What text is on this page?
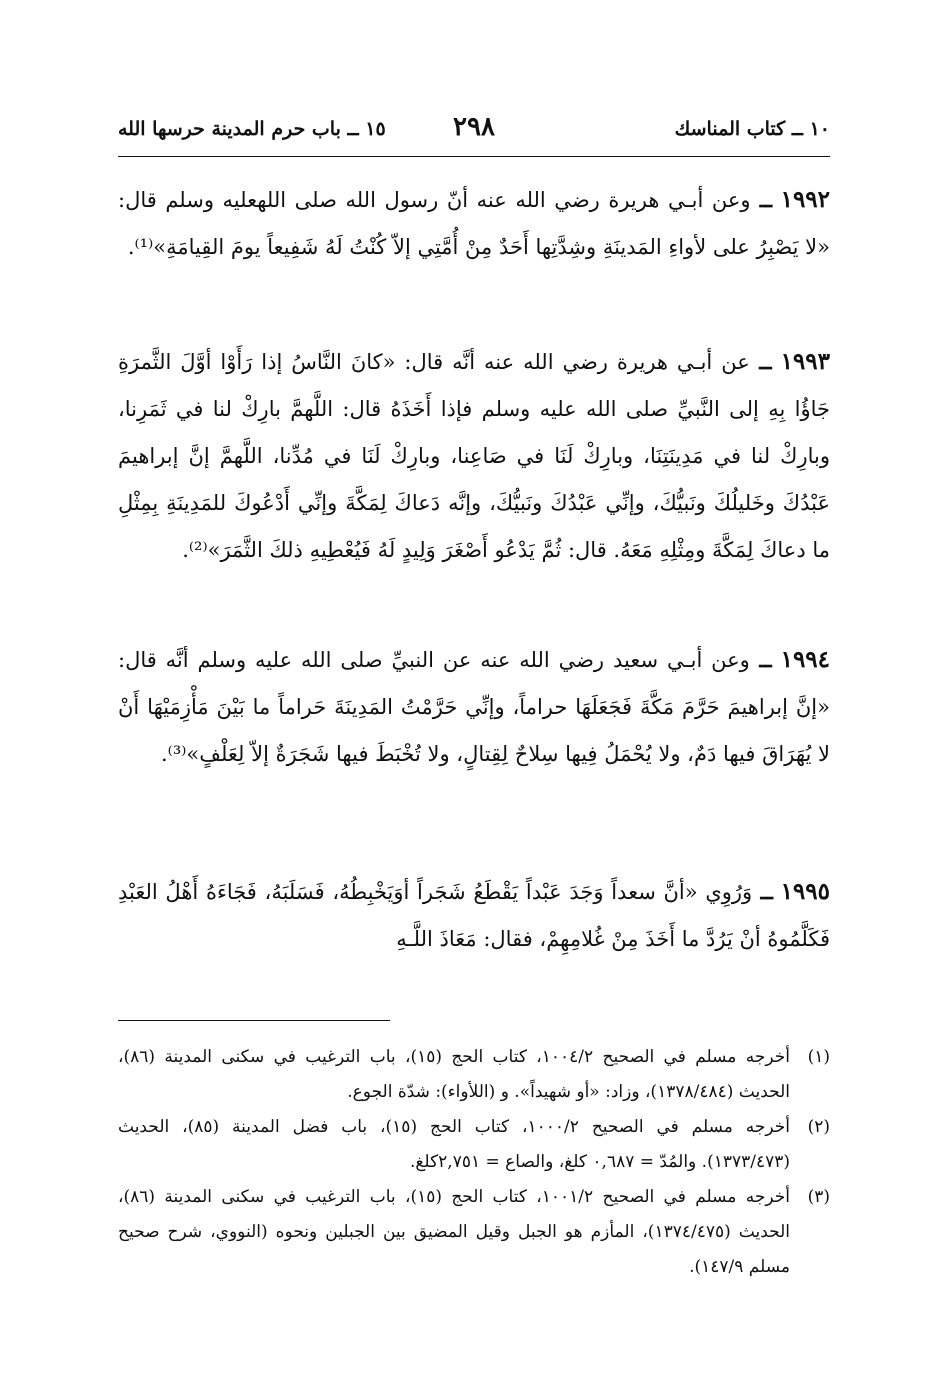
١٠ ــ كتاب المناسك
٢٩٨
١٥ ــ باب حرم المدينة حرسها الله
١٩٩٢ ــ وعن أبـي هريرة رضي الله عنه أنّ رسول الله صلى اللهعليه وسلم قال: «لا يَصْبِرُ على لأواءِ المَدينَةِ وشِدَّتِها أَحَدٌ مِنْ أُمَّتِي إلاّ كُنْتُ لَهُ شَفِيعاً يومَ القِيامَةِ»⁽¹⁾.
١٩٩٣ ــ عن أبـي هريرة رضي الله عنه أنَّه قال: «كانَ النَّاسُ إذا رَأَوْا أوَّلَ الثَّمرَةِ جَاؤُا بِهِ إلى النَّبيِّ صلى الله عليه وسلم فإذا أَخَذَهُ قال: اللَّهمَّ بارِكْ لنا في ثَمَرِنا، وبارِكْ لنا في مَدِينَتِنَا، وبارِكْ لَنَا في صَاعِنا، وبارِكْ لَنَا في مُدِّنا، اللَّهمَّ إنَّ إبراهيمَ عَبْدُكَ وخَليلُكَ ونَبيُّكَ، وإنِّي عَبْدُكَ ونَبيُّكَ، وإنَّه دَعاكَ لِمَكَّةَ وإنِّي أَدْعُوكَ للمَدِينَةِ بِمِثْلِ ما دعاكَ لِمَكَّةَ ومِثْلِهِ مَعَهُ. قال: ثُمَّ يَدْعُو أَصْغَرَ وَلِيدٍ لَهُ فَيُعْطِيهِ ذلكَ الثَّمَرَ»⁽²⁾.
١٩٩٤ ــ وعن أبـي سعيد رضي الله عنه عن النبيِّ صلى الله عليه وسلم أنَّه قال: «إنَّ إبراهيمَ حَرَّمَ مَكَّةَ فَجَعَلَهَا حراماً، وإنِّي حَرَّمْتُ المَدِينَةَ حَراماً ما بَيْنَ مَأْزِمَيْهَا أَنْ لا يُهَرَاقَ فيها دَمٌ، ولا يُحْمَلُ فِيها سِلاحٌ لِقِتالٍ، ولا تُخْبَطَ فيها شَجَرَةٌ إلاّ لِعَلْفٍ»⁽³⁾.
١٩٩٥ ــ وَرُوِي «أنَّ سعداً وَجَدَ عَبْداً يَقْطَعُ شَجَراً أوَيَخْبِطُهُ، فَسَلَبَهُ، فَجَاءَهُ أَهْلُ العَبْدِ فَكَلَّمُوهُ أنْ يَرُدَّ ما أَخَذَ مِنْ غُلامِهِمْ، فقال: مَعَاذَ اللَّـهِ
(١)
أخرجه مسلم في الصحيح ١٠٠٤/٢، كتاب الحج (١٥)، باب الترغيب في سكنى المدينة (٨٦)، الحديث (١٣٧٨/٤٨٤)، وزاد: «أو شهيداً». و (اللأواء): شدّة الجوع.
(٢)
أخرجه مسلم في الصحيح ١٠٠٠/٢، كتاب الحج (١٥)، باب فضل المدينة (٨٥)، الحديث (١٣٧٣/٤٧٣). والمُدّ = ٠,٦٨٧ كلغ، والصاع = ٢,٧٥١كلغ.
(٣)
أخرجه مسلم في الصحيح ١٠٠١/٢، كتاب الحج (١٥)، باب الترغيب في سكنى المدينة (٨٦)، الحديث (١٣٧٤/٤٧٥)، المأزم هو الجبل وقيل المضيق بين الجبلين ونحوه (النووي، شرح صحيح مسلم ١٤٧/٩).
